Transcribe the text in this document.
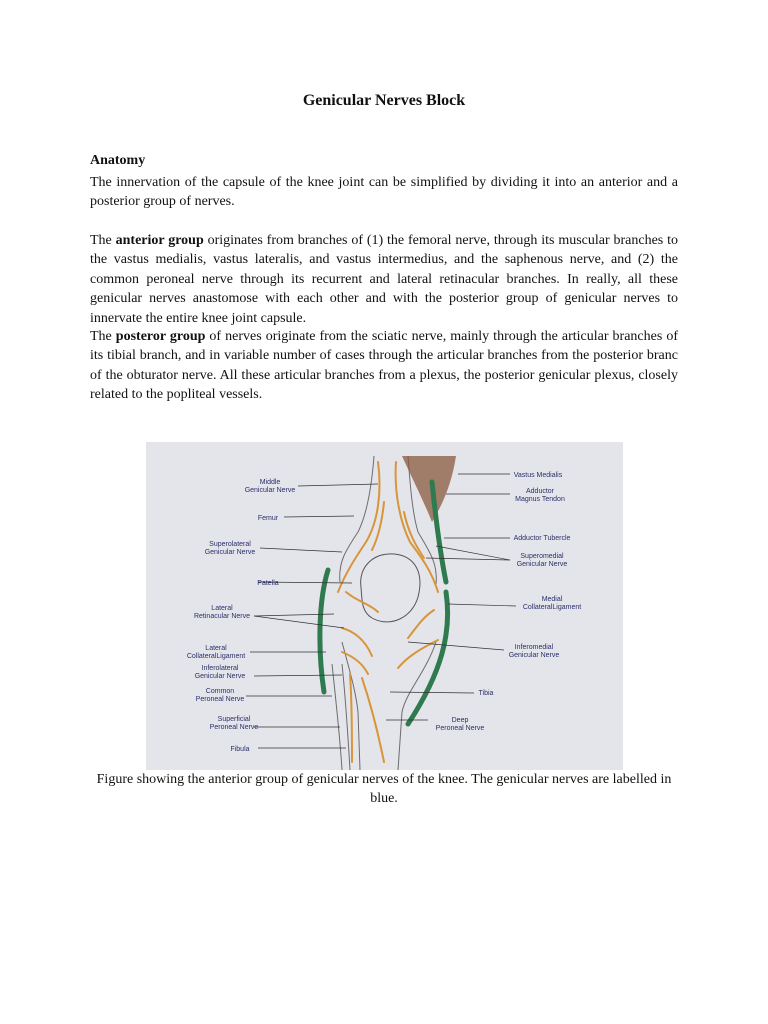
Genicular Nerves Block
Anatomy

The innervation of the capsule of the knee joint can be simplified by dividing it into an anterior and a posterior group of nerves.

The anterior group originates from branches of (1) the femoral nerve, through its muscular branches to the vastus medialis, vastus lateralis, and vastus intermedius, and the saphenous nerve, and (2) the common peroneal nerve through its recurrent and lateral retinacular branches. In really, all these genicular nerves anastomose with each other and with the posterior group of genicular nerves to innervate the entire knee joint capsule.

The posteror group of nerves originate from the sciatic nerve, mainly through the articular branches of its tibial branch, and in variable number of cases through the articular branches from the posterior branc of the obturator nerve. All these articular branches from a plexus, the posterior genicular plexus, closely related to the popliteal vessels.

Middle Genicular Nerve
Femur
Superolateral Genicular Nerve
Patella
Lateral Retinacular Nerve
Lateral CollateralLigament
Inferolateral Genicular Nerve
Common Peroneal Nerve
Superficial Peroneal Nerve
Fibula
Vastus Medialis
Adductor Magnus Tendon
Adductor Tubercle
Superomedial Genicular Nerve
Medial CollateralLigament
Inferomedial Genicular Nerve
Tibia
Deep Peroneal Nerve
Figure showing the anterior group of genicular nerves of the knee. The genicular nerves are labelled in blue.
